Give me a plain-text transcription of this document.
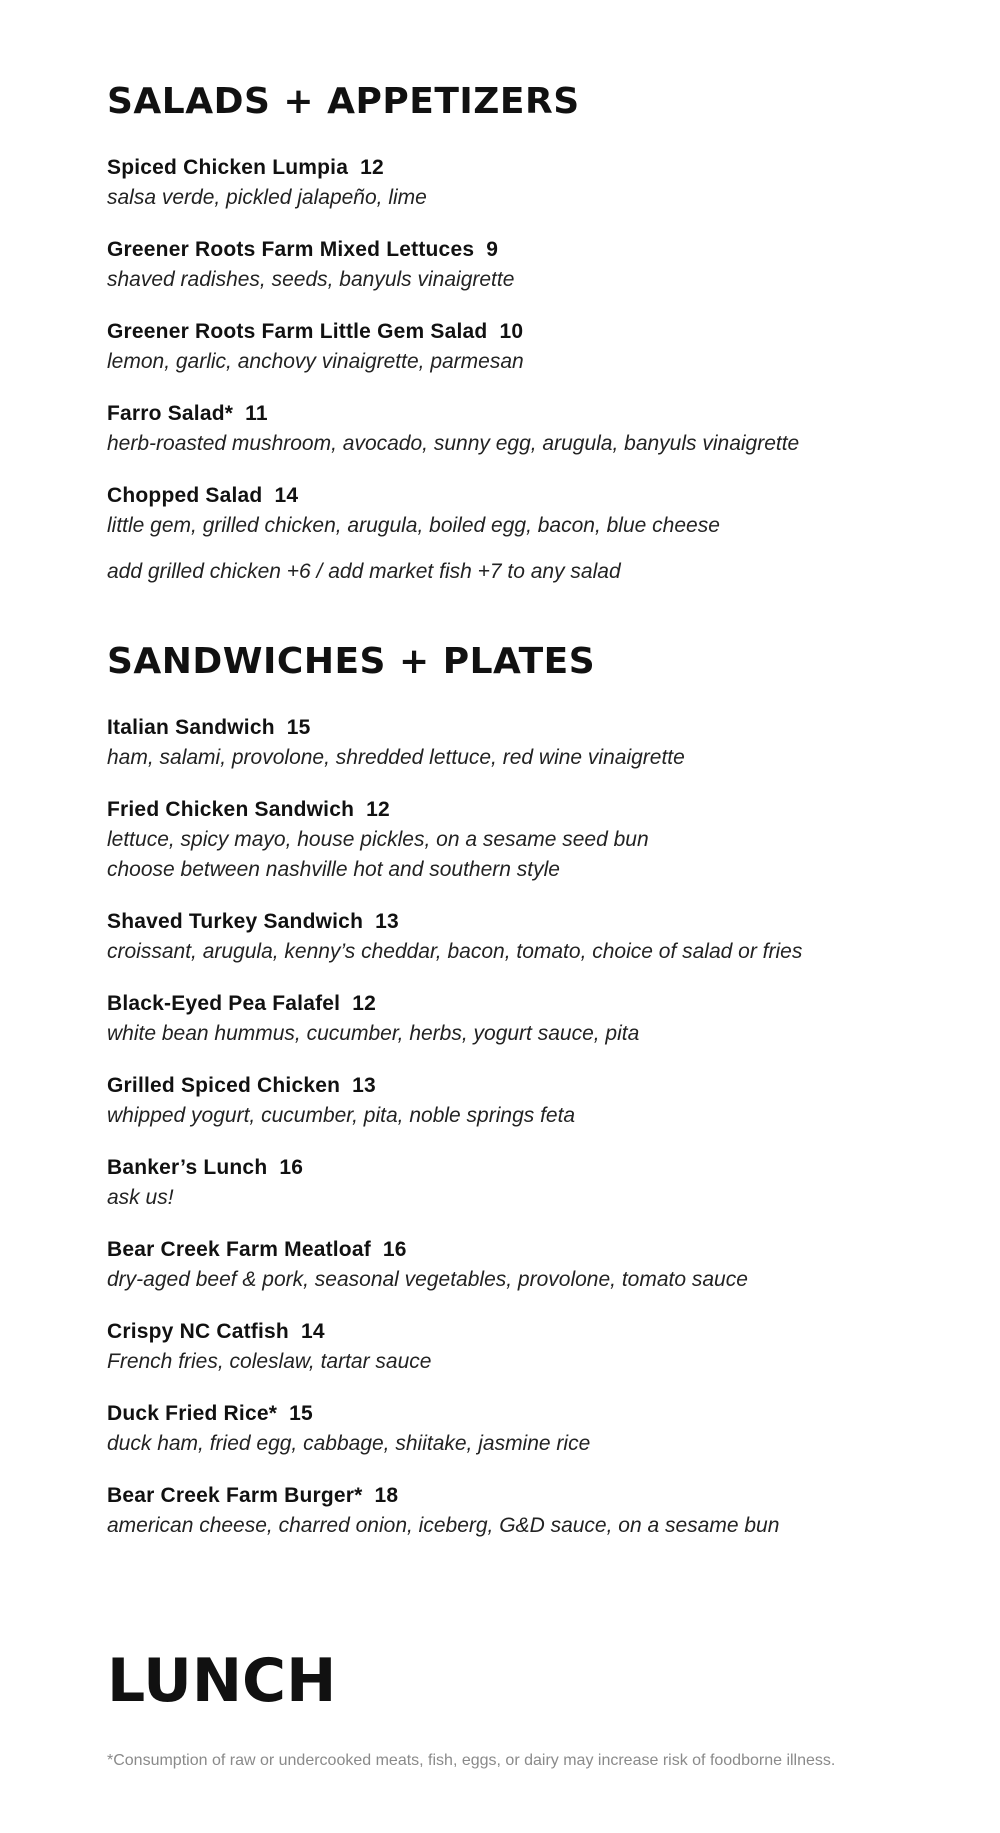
SALADS + APPETIZERS
Spiced Chicken Lumpia 12
salsa verde, pickled jalapeño, lime
Greener Roots Farm Mixed Lettuces 9
shaved radishes, seeds, banyuls vinaigrette
Greener Roots Farm Little Gem Salad 10
lemon, garlic, anchovy vinaigrette, parmesan
Farro Salad* 11
herb-roasted mushroom, avocado, sunny egg, arugula, banyuls vinaigrette
Chopped Salad 14
little gem, grilled chicken, arugula, boiled egg, bacon, blue cheese
add grilled chicken +6 / add market fish +7 to any salad
SANDWICHES + PLATES
Italian Sandwich 15
ham, salami, provolone, shredded lettuce, red wine vinaigrette
Fried Chicken Sandwich 12
lettuce, spicy mayo, house pickles, on a sesame seed bun
choose between nashville hot and southern style
Shaved Turkey Sandwich 13
croissant, arugula, kenny’s cheddar, bacon, tomato, choice of salad or fries
Black-Eyed Pea Falafel 12
white bean hummus, cucumber, herbs, yogurt sauce, pita
Grilled Spiced Chicken 13
whipped yogurt, cucumber, pita, noble springs feta
Banker’s Lunch 16
ask us!
Bear Creek Farm Meatloaf 16
dry-aged beef & pork, seasonal vegetables, provolone, tomato sauce
Crispy NC Catfish 14
French fries, coleslaw, tartar sauce
Duck Fried Rice* 15
duck ham, fried egg, cabbage, shiitake, jasmine rice
Bear Creek Farm Burger* 18
american cheese, charred onion, iceberg, G&D sauce, on a sesame bun
LUNCH
*Consumption of raw or undercooked meats, fish, eggs, or dairy may increase risk of foodborne illness.
